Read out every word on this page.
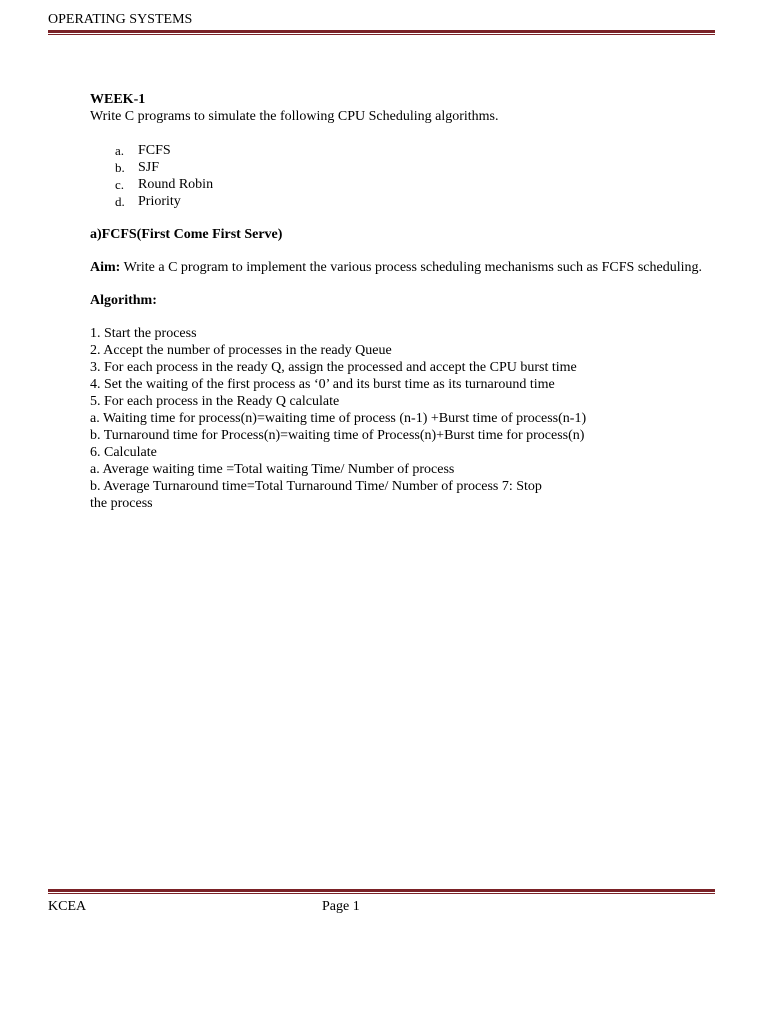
OPERATING SYSTEMS
WEEK-1
Write C programs to simulate the following CPU Scheduling algorithms.
a. FCFS
b. SJF
c. Round Robin
d. Priority
a)FCFS(First Come First Serve)
Aim: Write a C program to implement the various process scheduling mechanisms such as FCFS scheduling.
Algorithm:
1. Start the process
2. Accept the number of processes in the ready Queue
3. For each process in the ready Q, assign the processed and accept the CPU burst time
4. Set the waiting of the first process as ‘0’ and its burst time as its turnaround time
5. For each process in the Ready Q calculate
a. Waiting time for process(n)=waiting time of process (n-1) +Burst time of process(n-1)
b. Turnaround time for Process(n)=waiting time of Process(n)+Burst time for process(n)
6. Calculate
a. Average waiting time =Total waiting Time/ Number of process
b. Average Turnaround time=Total Turnaround Time/ Number of process 7: Stop
the process
KCEA	Page 1
